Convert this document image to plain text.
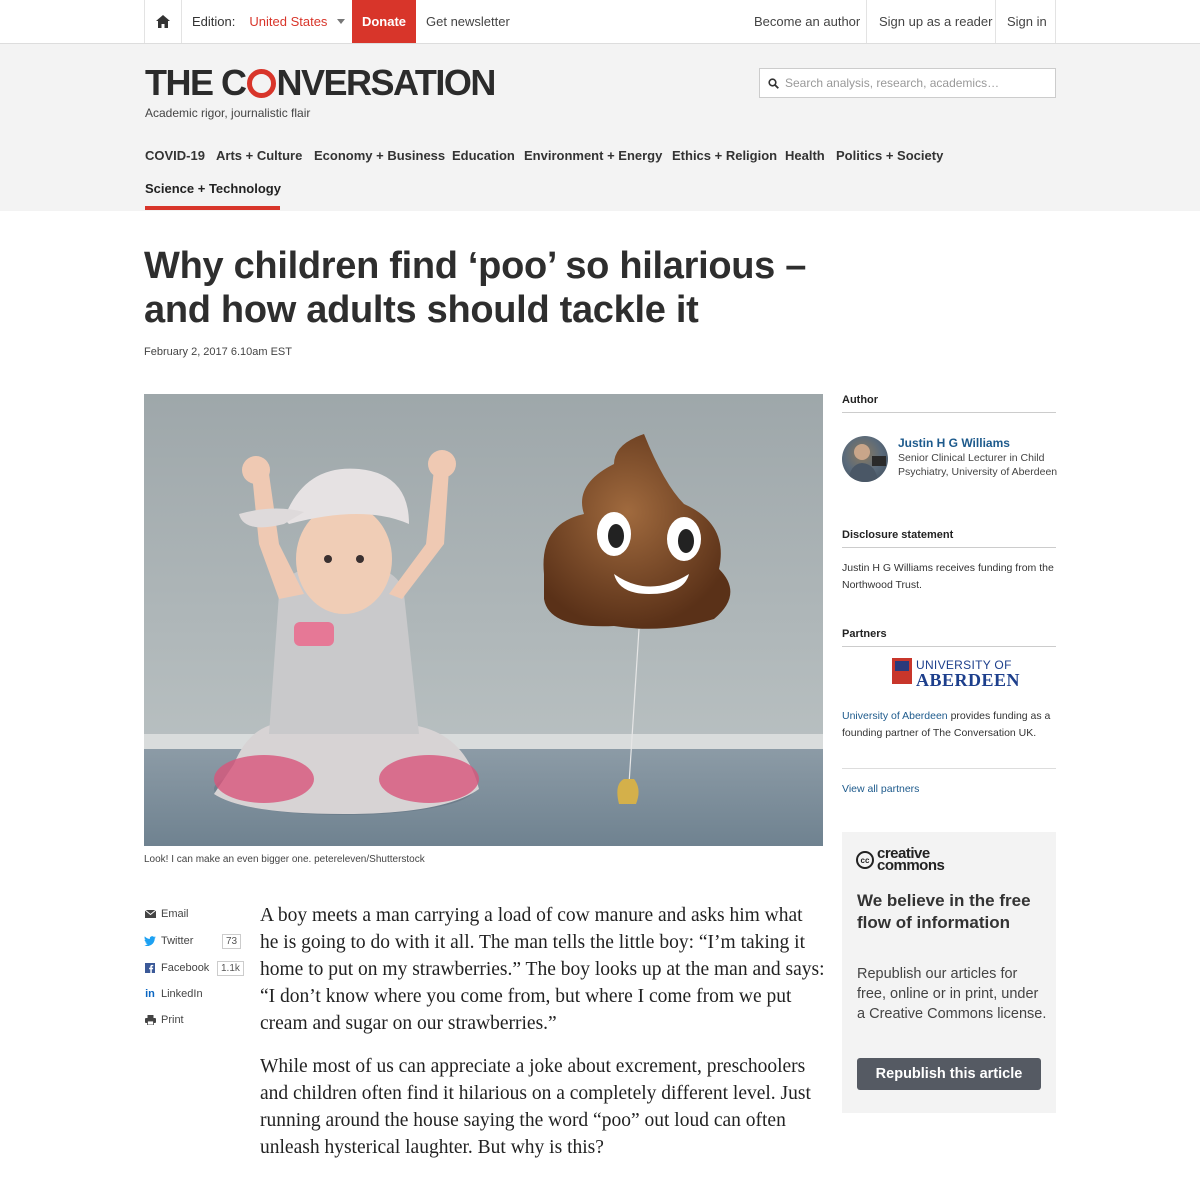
Edition: United States	Donate	Get newsletter	Become an author	Sign up as a reader	Sign in
THE C NVERSATION
Academic rigor, journalistic flair
Search analysis, research, academics…
COVID-19 Arts + Culture Economy + Business Education Environment + Energy Ethics + Religion Health Politics + Society
Science + Technology
Why children find ‘poo’ so hilarious – and how adults should tackle it
February 2, 2017 6.10am EST
Look! I can make an even bigger one. petereleven/Shutterstock
Email
Twitter	73
Facebook	1.1k
in LinkedIn
Print

A boy meets a man carrying a load of cow manure and asks him what he is going to do with it all. The man tells the little boy: “I’m taking it home to put on my strawberries.” The boy looks up at the man and says: “I don’t know where you come from, but where I come from we put cream and sugar on our strawberries.”

While most of us can appreciate a joke about excrement, preschoolers and children often find it hilarious on a completely different level. Just running around the house saying the word “poo” out loud can often unleash hysterical laughter. But why is this?

Author
Justin H G Williams
Senior Clinical Lecturer in Child Psychiatry, University of Aberdeen
Disclosure statement
Justin H G Williams receives funding from the Northwood Trust.
Partners
UNIVERSITY OF
ABERDEEN
University of Aberdeen provides funding as a founding partner of The Conversation UK.
View all partners
cc creative commons
We believe in the free flow of information
Republish our articles for free, online or in print, under a Creative Commons license.
Republish this article
